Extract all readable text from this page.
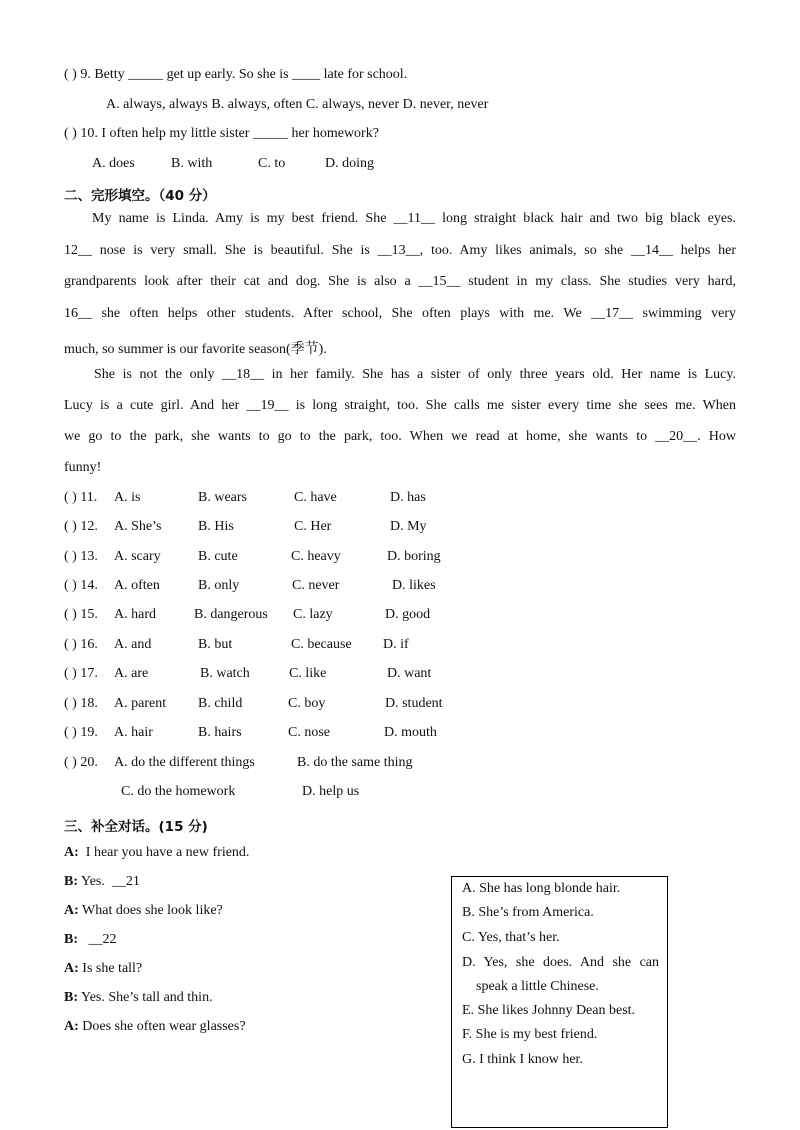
( ) 9. Betty _____ get up early. So she is ____ late for school.
A. always, always B. always, often C. always, never D. never, never
( ) 10. I often help my little sister _____ her homework?
A. does	B. with	C. to	D. doing
二、完形填空。（40 分）
My name is Linda. Amy is my best friend. She __11__ long straight black hair and two big black eyes.
12__ nose is very small. She is beautiful. She is __13__, too. Amy likes animals, so she __14__ helps her
grandparents look after their cat and dog. She is also a __15__ student in my class. She studies very hard,
16__ she often helps other students. After school, She often plays with me. We __17__ swimming very
much, so summer is our favorite season(季节).
She is not the only __18__ in her family. She has a sister of only three years old. Her name is Lucy.
Lucy is a cute girl. And her __19__ is long straight, too. She calls me sister every time she sees me. When
we go to the park, she wants to go to the park, too. When we read at home, she wants to __20__. How
funny!
( ) 11. A. is	B. wears	C. have	D. has
( ) 12. A. She’s	B. His	C. Her	D. My
( ) 13. A. scary	B. cute	C. heavy	D. boring
( ) 14. A. often	B. only	C. never	D. likes
( ) 15. A. hard	B. dangerous C. lazy	D. good
( ) 16. A. and	B. but	C. because D. if
( ) 17. A. are	B. watch	C. like	D. want
( ) 18. A. parent B. child	C. boy	D. student
( ) 19. A. hair	B. hairs	C. nose	D. mouth
( ) 20. A. do the different things	B. do the same thing
C. do the homework	D. help us
三、补全对话。(15 分)
A:  I hear you have a new friend.
B: Yes.  __21
A: What does she look like?
B:   __22
A: Is she tall?
B: Yes. She’s tall and thin.
A: Does she often wear glasses?
A. She has long blonde hair.
B. She’s from America.
C. Yes, that’s her.
D. Yes, she does. And she can
speak a little Chinese.
E. She likes Johnny Dean best.
F. She is my best friend.
G. I think I know her.
